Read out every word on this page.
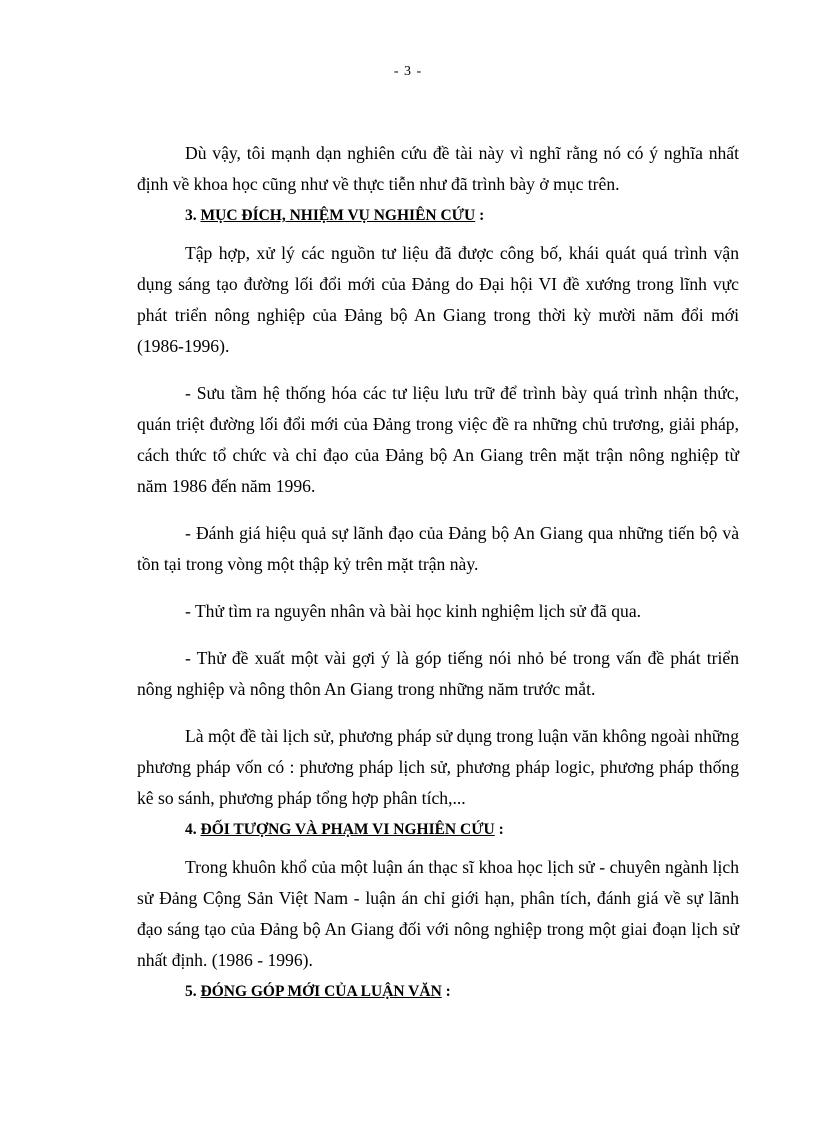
- 3 -

Dù vậy, tôi mạnh dạn nghiên cứu đề tài này vì nghĩ rằng nó có ý nghĩa nhất định về khoa học cũng như về thực tiễn như đã trình bày ở mục trên.

3. MỤC ĐÍCH, NHIỆM VỤ NGHIÊN CỨU :

Tập hợp, xử lý các nguồn tư liệu đã được công bố, khái quát quá trình vận dụng sáng tạo đường lối đổi mới của Đảng do Đại hội VI đề xướng trong lĩnh vực phát triển nông nghiệp của Đảng bộ An Giang trong thời kỳ mười năm đổi mới (1986-1996).

- Sưu tầm hệ thống hóa các tư liệu lưu trữ để trình bày quá trình nhận thức, quán triệt đường lối đổi mới của Đảng trong việc đề ra những chủ trương, giải pháp, cách thức tổ chức và chỉ đạo của Đảng bộ An Giang trên mặt trận nông nghiệp từ năm 1986 đến năm 1996.

- Đánh giá hiệu quả sự lãnh đạo của Đảng bộ An Giang qua những tiến bộ và tồn tại trong vòng một thập kỷ trên mặt trận này.

- Thử tìm ra nguyên nhân và bài học kinh nghiệm lịch sử đã qua.

- Thử đề xuất một vài gợi ý là góp tiếng nói nhỏ bé trong vấn đề phát triển nông nghiệp và nông thôn An Giang trong những năm trước mắt.

Là một đề tài lịch sử, phương pháp sử dụng trong luận văn không ngoài những phương pháp vốn có : phương pháp lịch sử, phương pháp logic, phương pháp thống kê so sánh, phương pháp tổng hợp phân tích,...

4. ĐỐI TƯỢNG VÀ PHẠM VI NGHIÊN CỨU :

Trong khuôn khổ của một luận án thạc sĩ khoa học lịch sử - chuyên ngành lịch sử Đảng Cộng Sản Việt Nam - luận án chỉ giới hạn, phân tích, đánh giá về sự lãnh đạo sáng tạo của Đảng bộ An Giang đối với nông nghiệp trong một giai đoạn lịch sử nhất định. (1986 - 1996).

5. ĐÓNG GÓP MỚI CỦA LUẬN VĂN :
